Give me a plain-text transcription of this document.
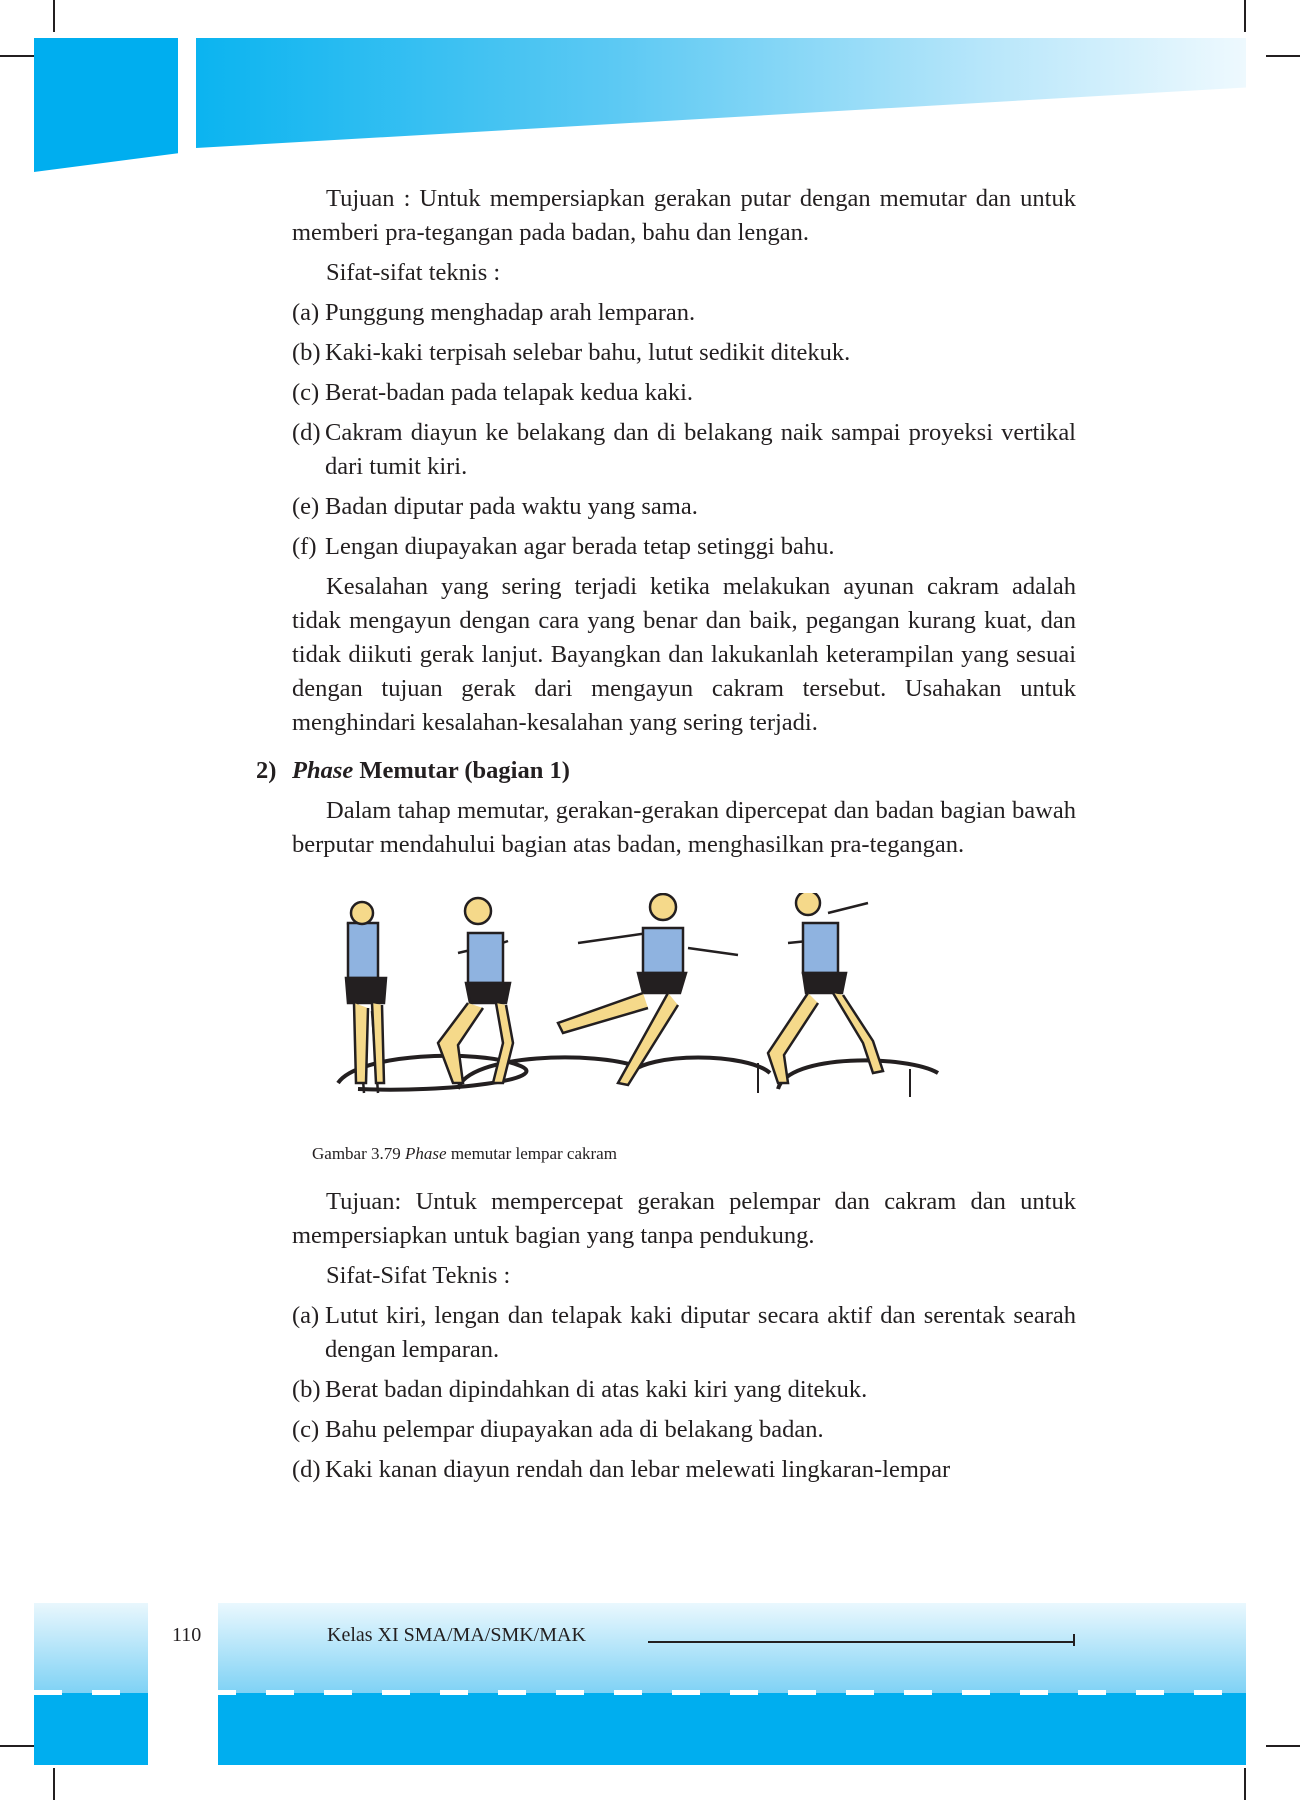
Tujuan : Untuk mempersiapkan gerakan putar dengan memutar dan untuk memberi pra-tegangan pada badan, bahu dan lengan.

Sifat-sifat teknis :

(a) Punggung menghadap arah lemparan.
(b) Kaki-kaki terpisah selebar bahu, lutut sedikit ditekuk.
(c) Berat-badan pada telapak kedua kaki.
(d) Cakram diayun ke belakang dan di belakang naik sampai proyeksi vertikal dari tumit kiri.
(e) Badan diputar pada waktu yang sama.
(f) Lengan diupayakan agar berada tetap setinggi bahu.

Kesalahan yang sering terjadi ketika melakukan ayunan cakram adalah tidak mengayun dengan cara yang benar dan baik, pegangan kurang kuat, dan tidak diikuti gerak lanjut. Bayangkan dan lakukanlah keterampilan yang sesuai dengan tujuan gerak dari mengayun cakram tersebut. Usahakan untuk menghindari kesalahan-kesalahan yang sering terjadi.

2) Phase Memutar (bagian 1)

Dalam tahap memutar, gerakan-gerakan dipercepat dan badan bagian bawah berputar mendahului bagian atas badan, menghasilkan pra-tegangan.

Gambar 3.79 Phase memutar lempar cakram

Tujuan: Untuk mempercepat gerakan pelempar dan cakram dan untuk mempersiapkan untuk bagian yang tanpa pendukung.

Sifat-Sifat Teknis :

(a) Lutut kiri, lengan dan telapak kaki diputar secara aktif dan serentak searah dengan lemparan.
(b) Berat badan dipindahkan di atas kaki kiri yang ditekuk.
(c) Bahu pelempar diupayakan ada di belakang badan.
(d) Kaki kanan diayun rendah dan lebar melewati lingkaran-lempar
110	Kelas XI SMA/MA/SMK/MAK
